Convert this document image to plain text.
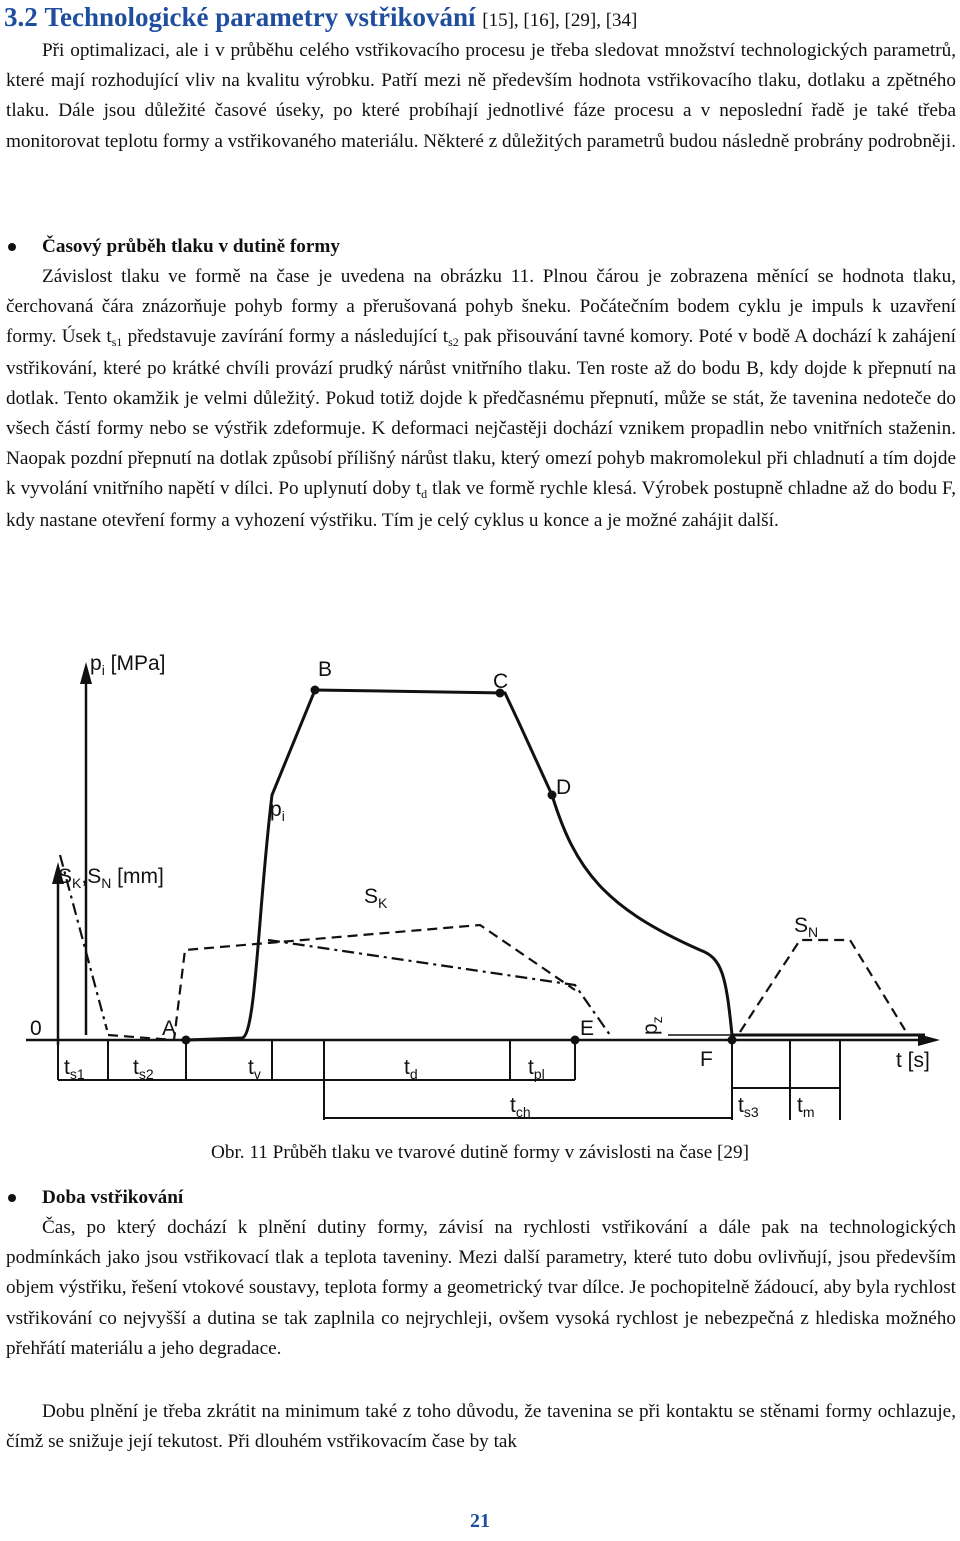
3.2 Technologické parametry vstřikování [15], [16], [29], [34]

Při optimalizaci, ale i v průběhu celého vstřikovacího procesu je třeba sledovat množství technologických parametrů, které mají rozhodující vliv na kvalitu výrobku. Patří mezi ně především hodnota vstřikovacího tlaku, dotlaku a zpětného tlaku. Dále jsou důležité časové úseky, po které probíhají jednotlivé fáze procesu a v neposlední řadě je také třeba monitorovat teplotu formy a vstřikovaného materiálu. Některé z důležitých parametrů budou následně probrány podrobněji.

Časový průběh tlaku v dutině formy

Závislost tlaku ve formě na čase je uvedena na obrázku 11. Plnou čárou je zobrazena měnící se hodnota tlaku, čerchovaná čára znázorňuje pohyb formy a přerušovaná pohyb šneku. Počátečním bodem cyklu je impuls k uzavření formy. Úsek $t_{s1}$ představuje zavírání formy a následující $t_{s2}$ pak přisouvání tavné komory. Poté v bodě A dochází k zahájení vstřikování, které po krátké chvíli provází prudký nárůst vnitřního tlaku. Ten roste až do bodu B, kdy dojde k přepnutí na dotlak. Tento okamžik je velmi důležitý. Pokud totiž dojde k předčasnému přepnutí, může se stát, že tavenina nedoteče do všech částí formy nebo se výstřik zdeformuje. K deformaci nejčastěji dochází vznikem propadlin nebo vnitřních staženin. Naopak pozdní přepnutí na dotlak způsobí přílišný nárůst tlaku, který omezí pohyb makromolekul při chladnutí a tím dojde k vyvolání vnitřního napětí v dílci. Po uplynutí doby $t_d$ tlak ve formě rychle klesá. Výrobek postupně chladne až do bodu F, kdy nastane otevření formy a vyhození výstřiku. Tím je celý cyklus u konce a je možné zahájit další.

$p_i$ [MPa]
$S_K,S_N$ [mm]
t [s]
0	A
B
C
D
E
F
$p_i$
$S_K$
$S_N$
$p_z$
$t_{s1}$ $t_{s2}$	$t_v$	$t_d$	$t_{pl}$
$t_{ch}$	$t_{s3}$ $t_m$
Obr. 11 Průběh tlaku ve tvarové dutině formy v závislosti na čase [29]
Doba vstřikování

Čas, po který dochází k plnění dutiny formy, závisí na rychlosti vstřikování a dále pak na technologických podmínkách jako jsou vstřikovací tlak a teplota taveniny. Mezi další parametry, které tuto dobu ovlivňují, jsou především objem výstřiku, řešení vtokové soustavy, teplota formy a geometrický tvar dílce. Je pochopitelně žádoucí, aby byla rychlost vstřikování co nejvyšší a dutina se tak zaplnila co nejrychleji, ovšem vysoká rychlost je nebezpečná z hlediska možného přehřátí materiálu a jeho degradace.

Dobu plnění je třeba zkrátit na minimum také z toho důvodu, že tavenina se při kontaktu se stěnami formy ochlazuje, čímž se snižuje její tekutost. Při dlouhém vstřikovacím čase by tak

21
